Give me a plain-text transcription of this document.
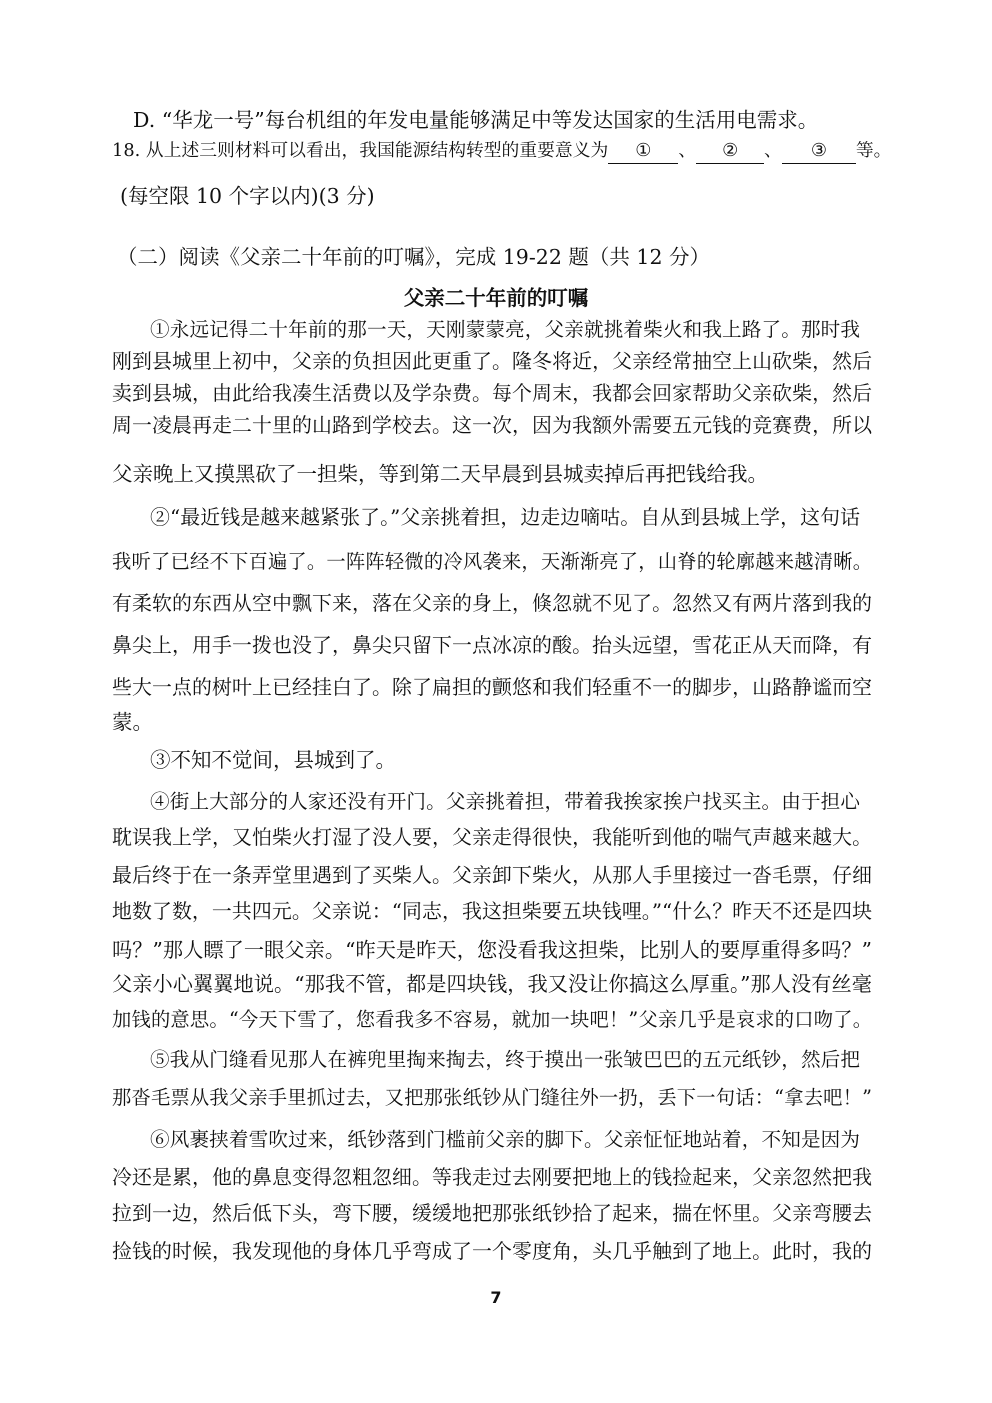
D. “华龙一号”每台机组的年发电量能够满足中等发达国家的生活用电需求。
18. 从上述三则材料可以看出，我国能源结构转型的重要意义为 ① 、 ② 、 ③ 等。
(每空限 10 个字以内)(3 分)
（二）阅读《父亲二十年前的叮嘱》，完成 19-22 题（共 12 分）
父亲二十年前的叮嘱
①永远记得二十年前的那一天，天刚蒙蒙亮，父亲就挑着柴火和我上路了。那时我
刚到县城里上初中，父亲的负担因此更重了。隆冬将近，父亲经常抽空上山砍柴，然后
卖到县城，由此给我凑生活费以及学杂费。每个周末，我都会回家帮助父亲砍柴，然后
周一凌晨再走二十里的山路到学校去。这一次，因为我额外需要五元钱的竞赛费，所以
父亲晚上又摸黑砍了一担柴，等到第二天早晨到县城卖掉后再把钱给我。
②“最近钱是越来越紧张了。”父亲挑着担，边走边嘀咕。自从到县城上学，这句话
我听了已经不下百遍了。一阵阵轻微的冷风袭来，天渐渐亮了，山脊的轮廓越来越清晰。
有柔软的东西从空中飘下来，落在父亲的身上，倏忽就不见了。忽然又有两片落到我的
鼻尖上，用手一拨也没了，鼻尖只留下一点冰凉的酸。抬头远望，雪花正从天而降，有
些大一点的树叶上已经挂白了。除了扁担的颤悠和我们轻重不一的脚步，山路静谧而空
蒙。
③不知不觉间，县城到了。
④街上大部分的人家还没有开门。父亲挑着担，带着我挨家挨户找买主。由于担心
耽误我上学，又怕柴火打湿了没人要，父亲走得很快，我能听到他的喘气声越来越大。
最后终于在一条弄堂里遇到了买柴人。父亲卸下柴火，从那人手里接过一沓毛票，仔细
地数了数，一共四元。父亲说：“同志，我这担柴要五块钱哩。”“什么？昨天不还是四块
吗？”那人瞟了一眼父亲。“昨天是昨天，您没看我这担柴，比别人的要厚重得多吗？”
父亲小心翼翼地说。“那我不管，都是四块钱，我又没让你搞这么厚重。”那人没有丝毫
加钱的意思。“今天下雪了，您看我多不容易，就加一块吧！”父亲几乎是哀求的口吻了。
⑤我从门缝看见那人在裤兜里掏来掏去，终于摸出一张皱巴巴的五元纸钞，然后把
那沓毛票从我父亲手里抓过去，又把那张纸钞从门缝往外一扔，丢下一句话：“拿去吧！”
⑥风裹挟着雪吹过来，纸钞落到门槛前父亲的脚下。父亲怔怔地站着，不知是因为
冷还是累，他的鼻息变得忽粗忽细。等我走过去刚要把地上的钱捡起来，父亲忽然把我
拉到一边，然后低下头，弯下腰，缓缓地把那张纸钞拾了起来，揣在怀里。父亲弯腰去
捡钱的时候，我发现他的身体几乎弯成了一个零度角，头几乎触到了地上。此时，我的
7
